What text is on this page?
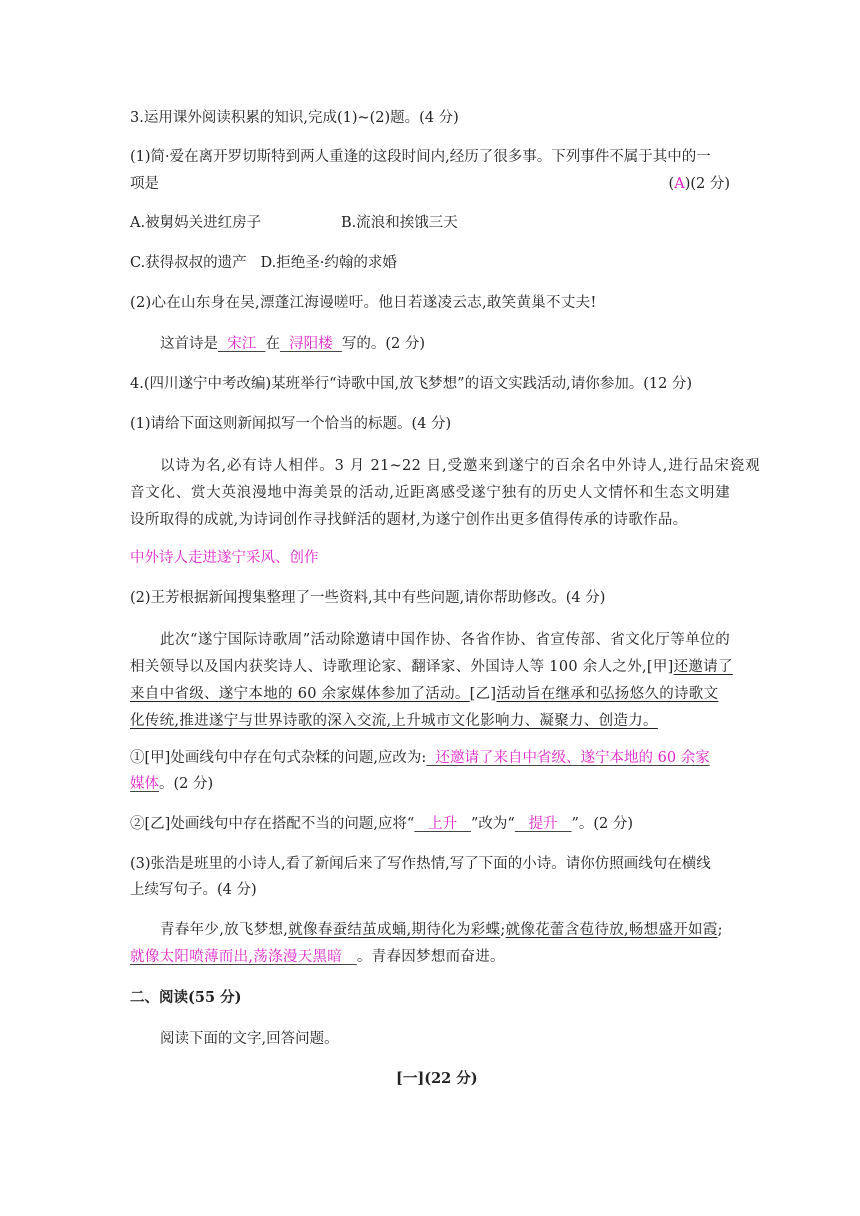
3.运用课外阅读积累的知识,完成(1)~(2)题。(4 分)
(1)简·爱在离开罗切斯特到两人重逢的这段时间内,经历了很多事。下列事件不属于其中的一
项是	(A)(2 分)
A.被舅妈关进红房子	B.流浪和挨饿三天
C.获得叔叔的遗产 D.拒绝圣·约翰的求婚
(2)心在山东身在吴,漂蓬江海谩嗟吁。他日若遂凌云志,敢笑黄巢不丈夫!
这首诗是  宋江  在  浔阳楼  写的。(2 分)
4.(四川遂宁中考改编)某班举行“诗歌中国,放飞梦想”的语文实践活动,请你参加。(12 分)
(1)请给下面这则新闻拟写一个恰当的标题。(4 分)
以诗为名,必有诗人相伴。3 月 21~22 日,受邀来到遂宁的百余名中外诗人,进行品宋瓷观
音文化、赏大英浪漫地中海美景的活动,近距离感受遂宁独有的历史人文情怀和生态文明建
设所取得的成就,为诗词创作寻找鲜活的题材,为遂宁创作出更多值得传承的诗歌作品。
中外诗人走进遂宁采风、创作
(2)王芳根据新闻搜集整理了一些资料,其中有些问题,请你帮助修改。(4 分)
此次“遂宁国际诗歌周”活动除邀请中国作协、各省作协、省宣传部、省文化厅等单位的
相关领导以及国内获奖诗人、诗歌理论家、翻译家、外国诗人等 100 余人之外,[甲]还邀请了
来自中省级、遂宁本地的 60 余家媒体参加了活动。[乙]活动旨在继承和弘扬悠久的诗歌文
化传统,推进遂宁与世界诗歌的深入交流,上升城市文化影响力、凝聚力、创造力。
①[甲]处画线句中存在句式杂糅的问题,应改为:  还邀请了来自中省级、遂宁本地的 60 余家
媒体。(2 分)
②[乙]处画线句中存在搭配不当的问题,应将“   上升   ”改为“   提升   ”。(2 分)
(3)张浩是班里的小诗人,看了新闻后来了写作热情,写了下面的小诗。请你仿照画线句在横线
上续写句子。(4 分)
青春年少,放飞梦想,就像春蚕结茧成蛹,期待化为彩蝶;就像花蕾含苞待放,畅想盛开如霞;
就像太阳喷薄而出,荡涤漫天黑暗   。青春因梦想而奋进。
二、阅读(55 分)
阅读下面的文字,回答问题。
[一](22 分)
